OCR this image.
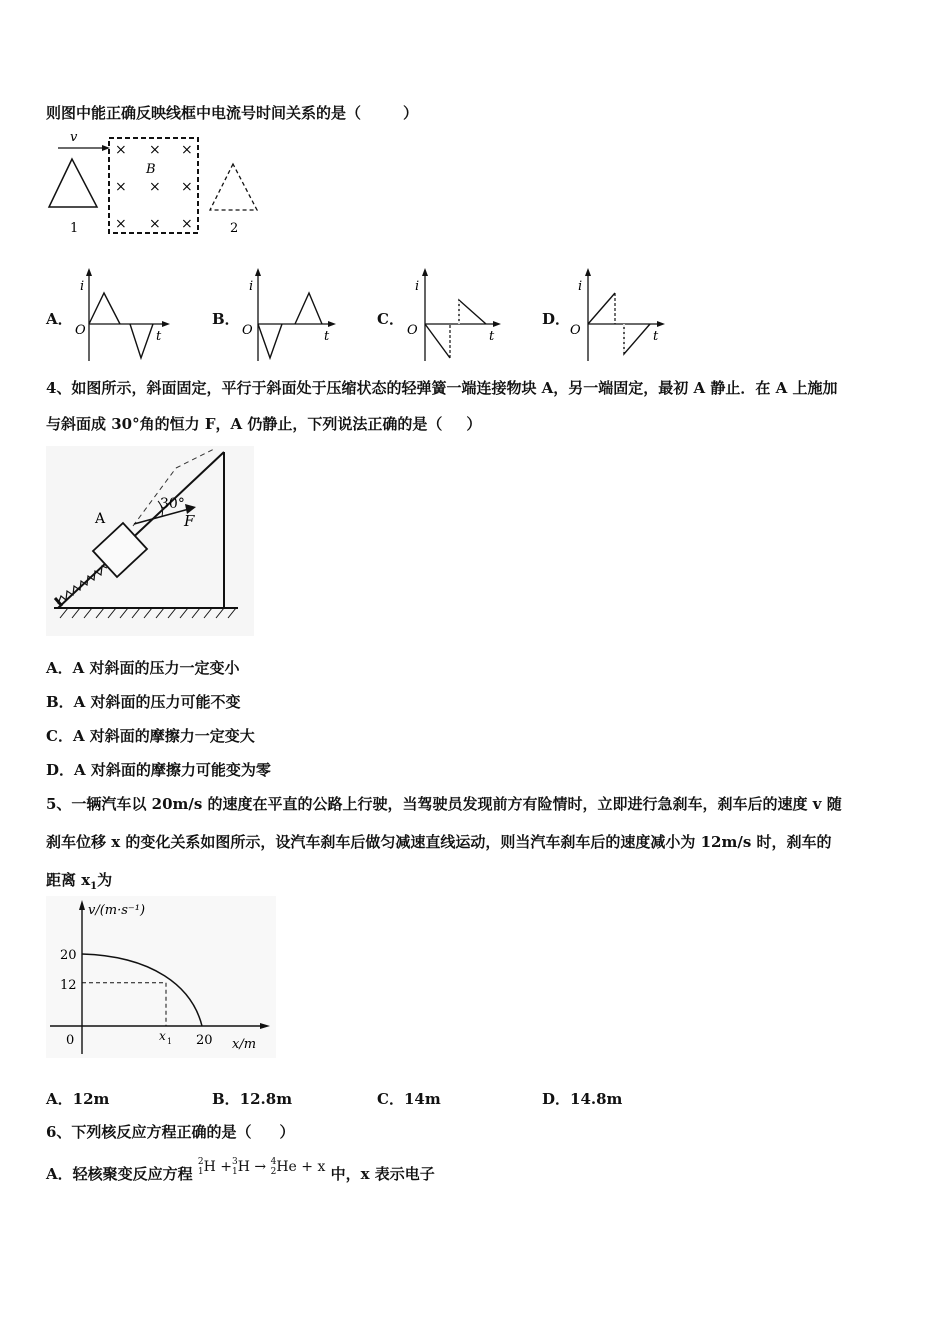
则图中能正确反映线框中电流号时间关系的是（	）
v
1
× × ×
× × ×
× × ×
B
2
A．
i
O	t
B．
i
O	t
C．
i
O	t
D．
i
O	t
4、如图所示，斜面固定，平行于斜面处于压缩状态的轻弹簧一端连接物块 A，另一端固定，最初 A 静止．在 A 上施加
与斜面成 30°角的恒力 F，A 仍静止，下列说法正确的是（ ）
A
30°
F
A．A 对斜面的压力一定变小
B．A 对斜面的压力可能不变
C．A 对斜面的摩擦力一定变大
D．A 对斜面的摩擦力可能变为零
5、一辆汽车以 20m/s 的速度在平直的公路上行驶，当驾驶员发现前方有险情时，立即进行急刹车，刹车后的速度 v 随
刹车位移 x 的变化关系如图所示，设汽车刹车后做匀减速直线运动，则当汽车刹车后的速度减小为 12m/s 时，刹车的
距离 $x_1$为
v/(m·s⁻¹)
x/m
20
12
0	x 1 20
A．12m	B．12.8m	C．14m	D．14.8m
6、下列核反应方程正确的是（ ）
A．轻核聚变反应方程 2
1H +3
1H → 4
2He + x 中，x 表示电子
